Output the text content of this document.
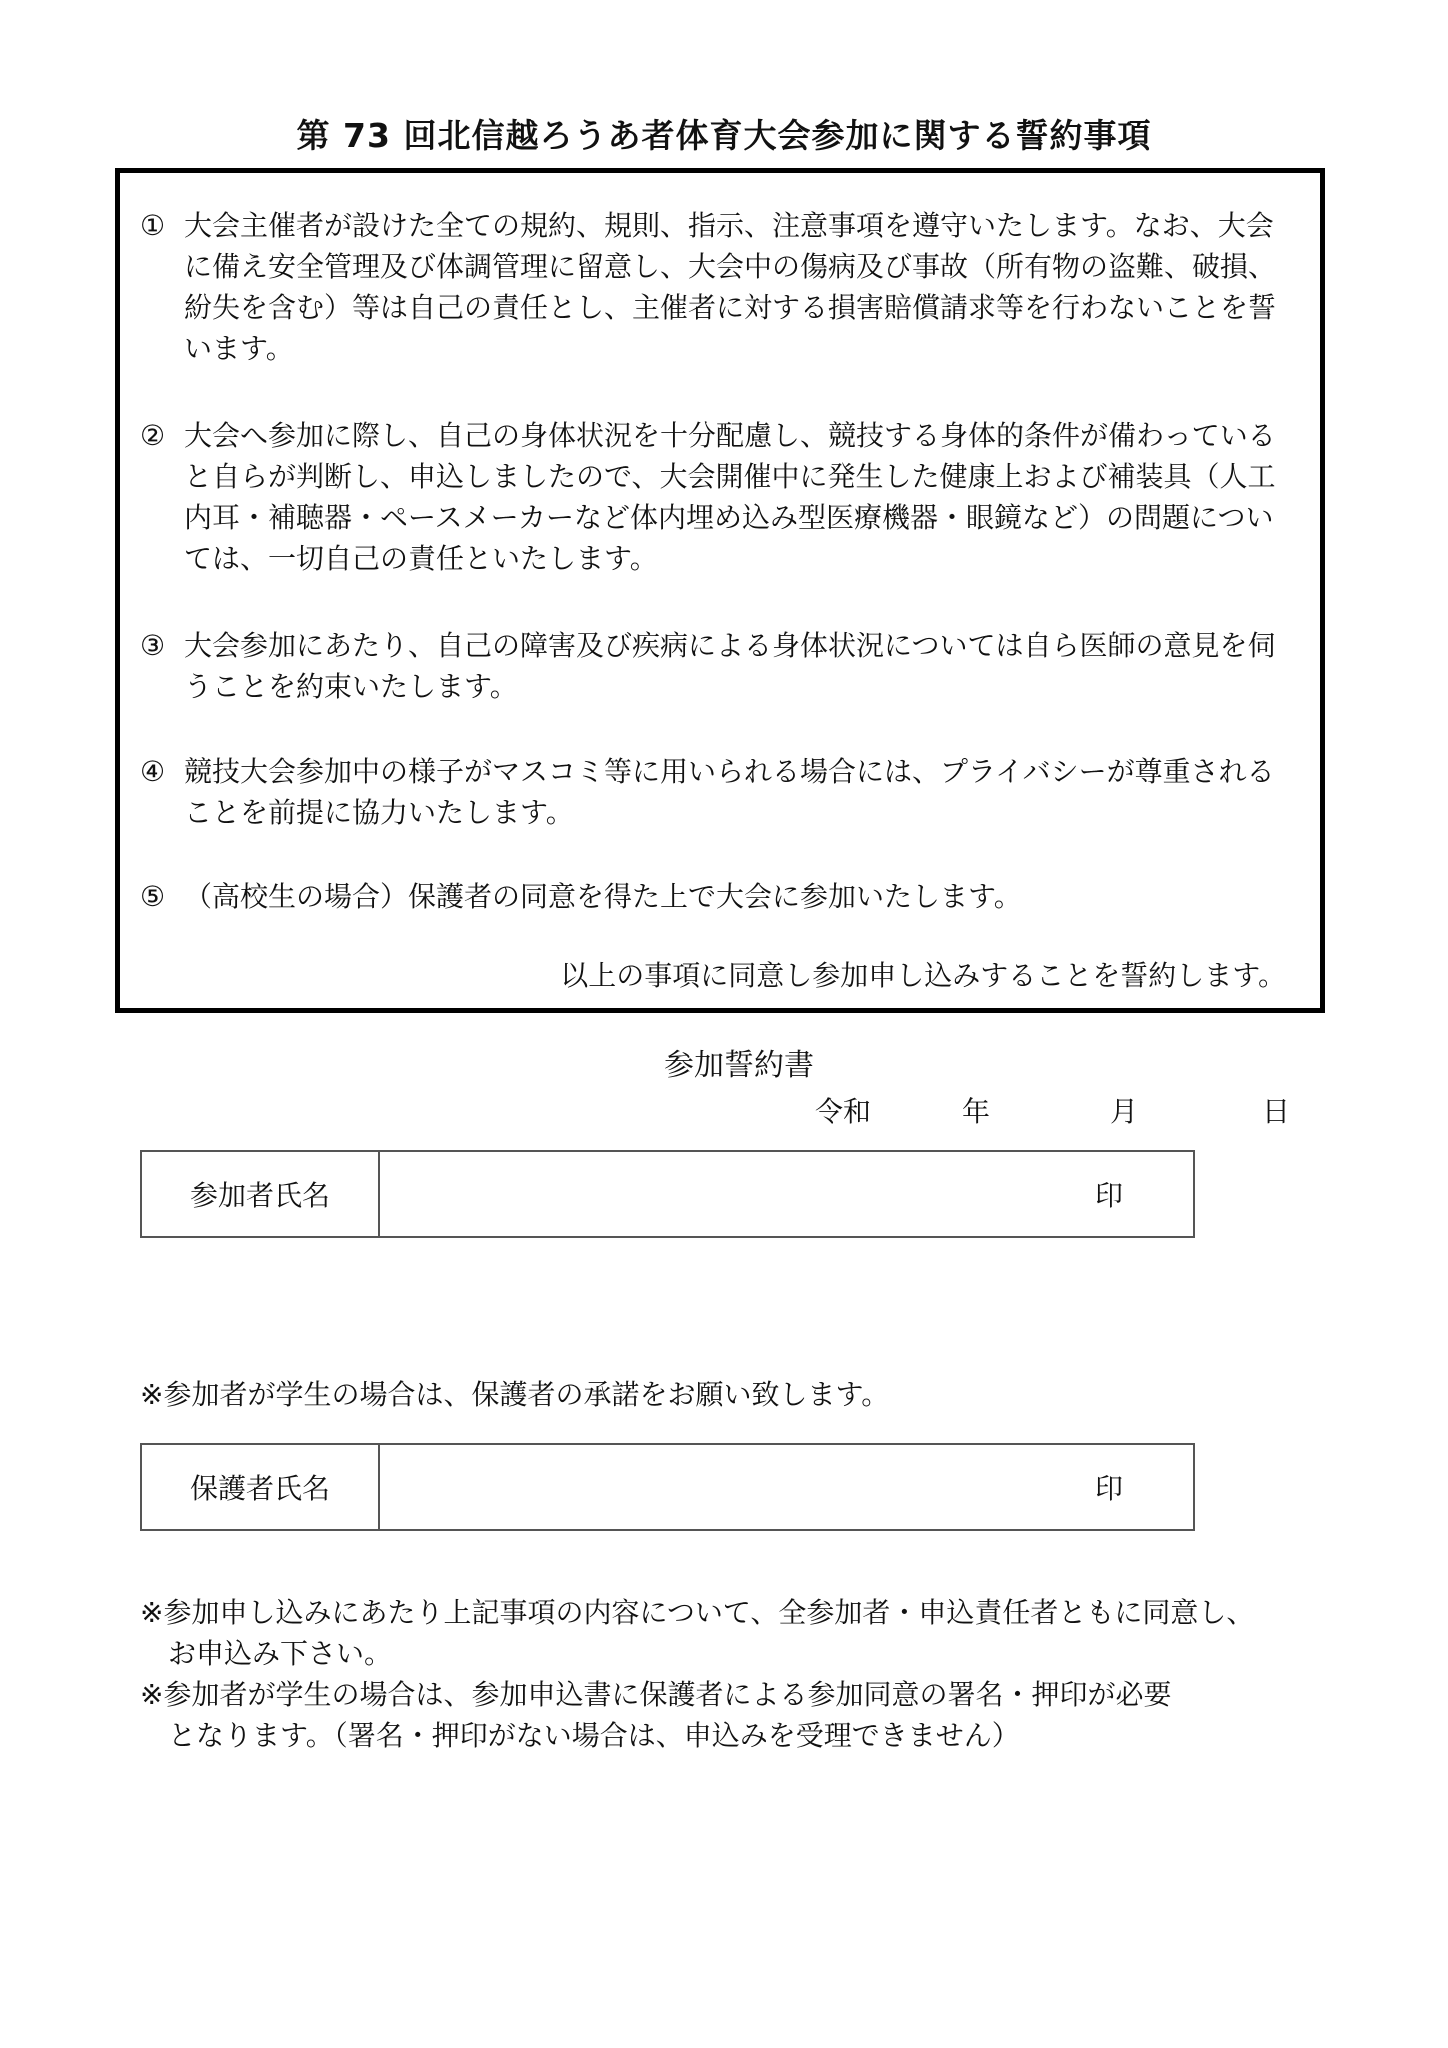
第 73 回北信越ろうあ者体育大会参加に関する誓約事項
① 大会主催者が設けた全ての規約、規則、指示、注意事項を遵守いたします。なお、大会に備え安全管理及び体調管理に留意し、大会中の傷病及び事故（所有物の盗難、破損、紛失を含む）等は自己の責任とし、主催者に対する損害賠償請求等を行わないことを誓います。
② 大会へ参加に際し、自己の身体状況を十分配慮し、競技する身体的条件が備わっていると自らが判断し、申込しましたので、大会開催中に発生した健康上および補装具（人工内耳・補聴器・ペースメーカーなど体内埋め込み型医療機器・眼鏡など）の問題については、一切自己の責任といたします。
③ 大会参加にあたり、自己の障害及び疾病による身体状況については自ら医師の意見を伺うことを約束いたします。
④ 競技大会参加中の様子がマスコミ等に用いられる場合には、プライバシーが尊重されることを前提に協力いたします。
⑤ （高校生の場合）保護者の同意を得た上で大会に参加いたします。
以上の事項に同意し参加申し込みすることを誓約します。
参加誓約書
令和	年	月	日
参加者氏名	印
※参加者が学生の場合は、保護者の承諾をお願い致します。
保護者氏名	印
※参加申し込みにあたり上記事項の内容について、全参加者・申込責任者ともに同意し、
お申込み下さい。
※参加者が学生の場合は、参加申込書に保護者による参加同意の署名・押印が必要
となります。（署名・押印がない場合は、申込みを受理できません）
